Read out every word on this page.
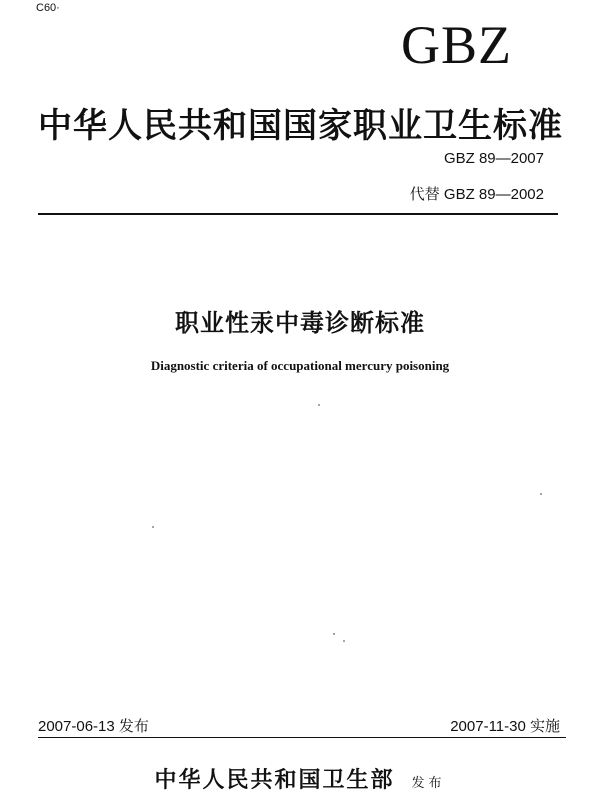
C60·
GBZ
中华人民共和国国家职业卫生标准
GBZ 89—2007
代替 GBZ 89—2002
职业性汞中毒诊断标准
Diagnostic criteria of occupational mercury poisoning
2007-06-13 发布	2007-11-30 实施
中华人民共和国卫生部 发布
